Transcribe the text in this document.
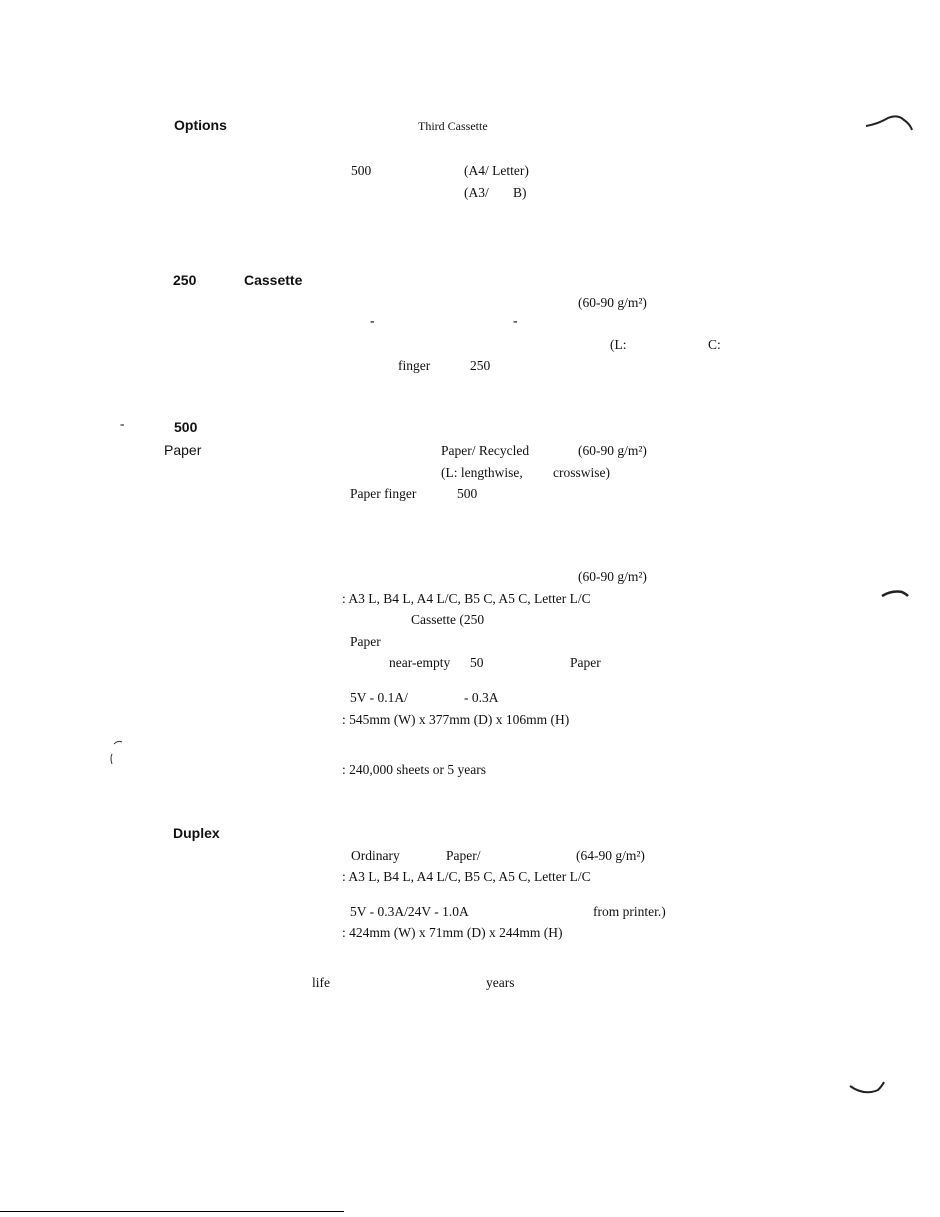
Options	Third Cassette
500	(A4/ Letter)
(A3/ B)
250	Cassette
(60-90 g/m²)
-	-
(L:	C:
finger	250
-	500
Paper	Paper/ Recycled	(60-90 g/m²)
(L: lengthwise, crosswise)
Paper finger	500
(60-90 g/m²)
: A3 L, B4 L, A4 L/C, B5 C, A5 C, Letter L/C
Cassette (250
Paper
near-empty 50	Paper
5V - 0.1A/	- 0.3A
: 545mm (W) x 377mm (D) x 106mm (H)
: 240,000 sheets or 5 years
Duplex
Ordinary	Paper/	(64-90 g/m²)
: A3 L, B4 L, A4 L/C, B5 C, A5 C, Letter L/C
5V - 0.3A/24V - 1.0A	from printer.)
: 424mm (W) x 71mm (D) x 244mm (H)
life	years
